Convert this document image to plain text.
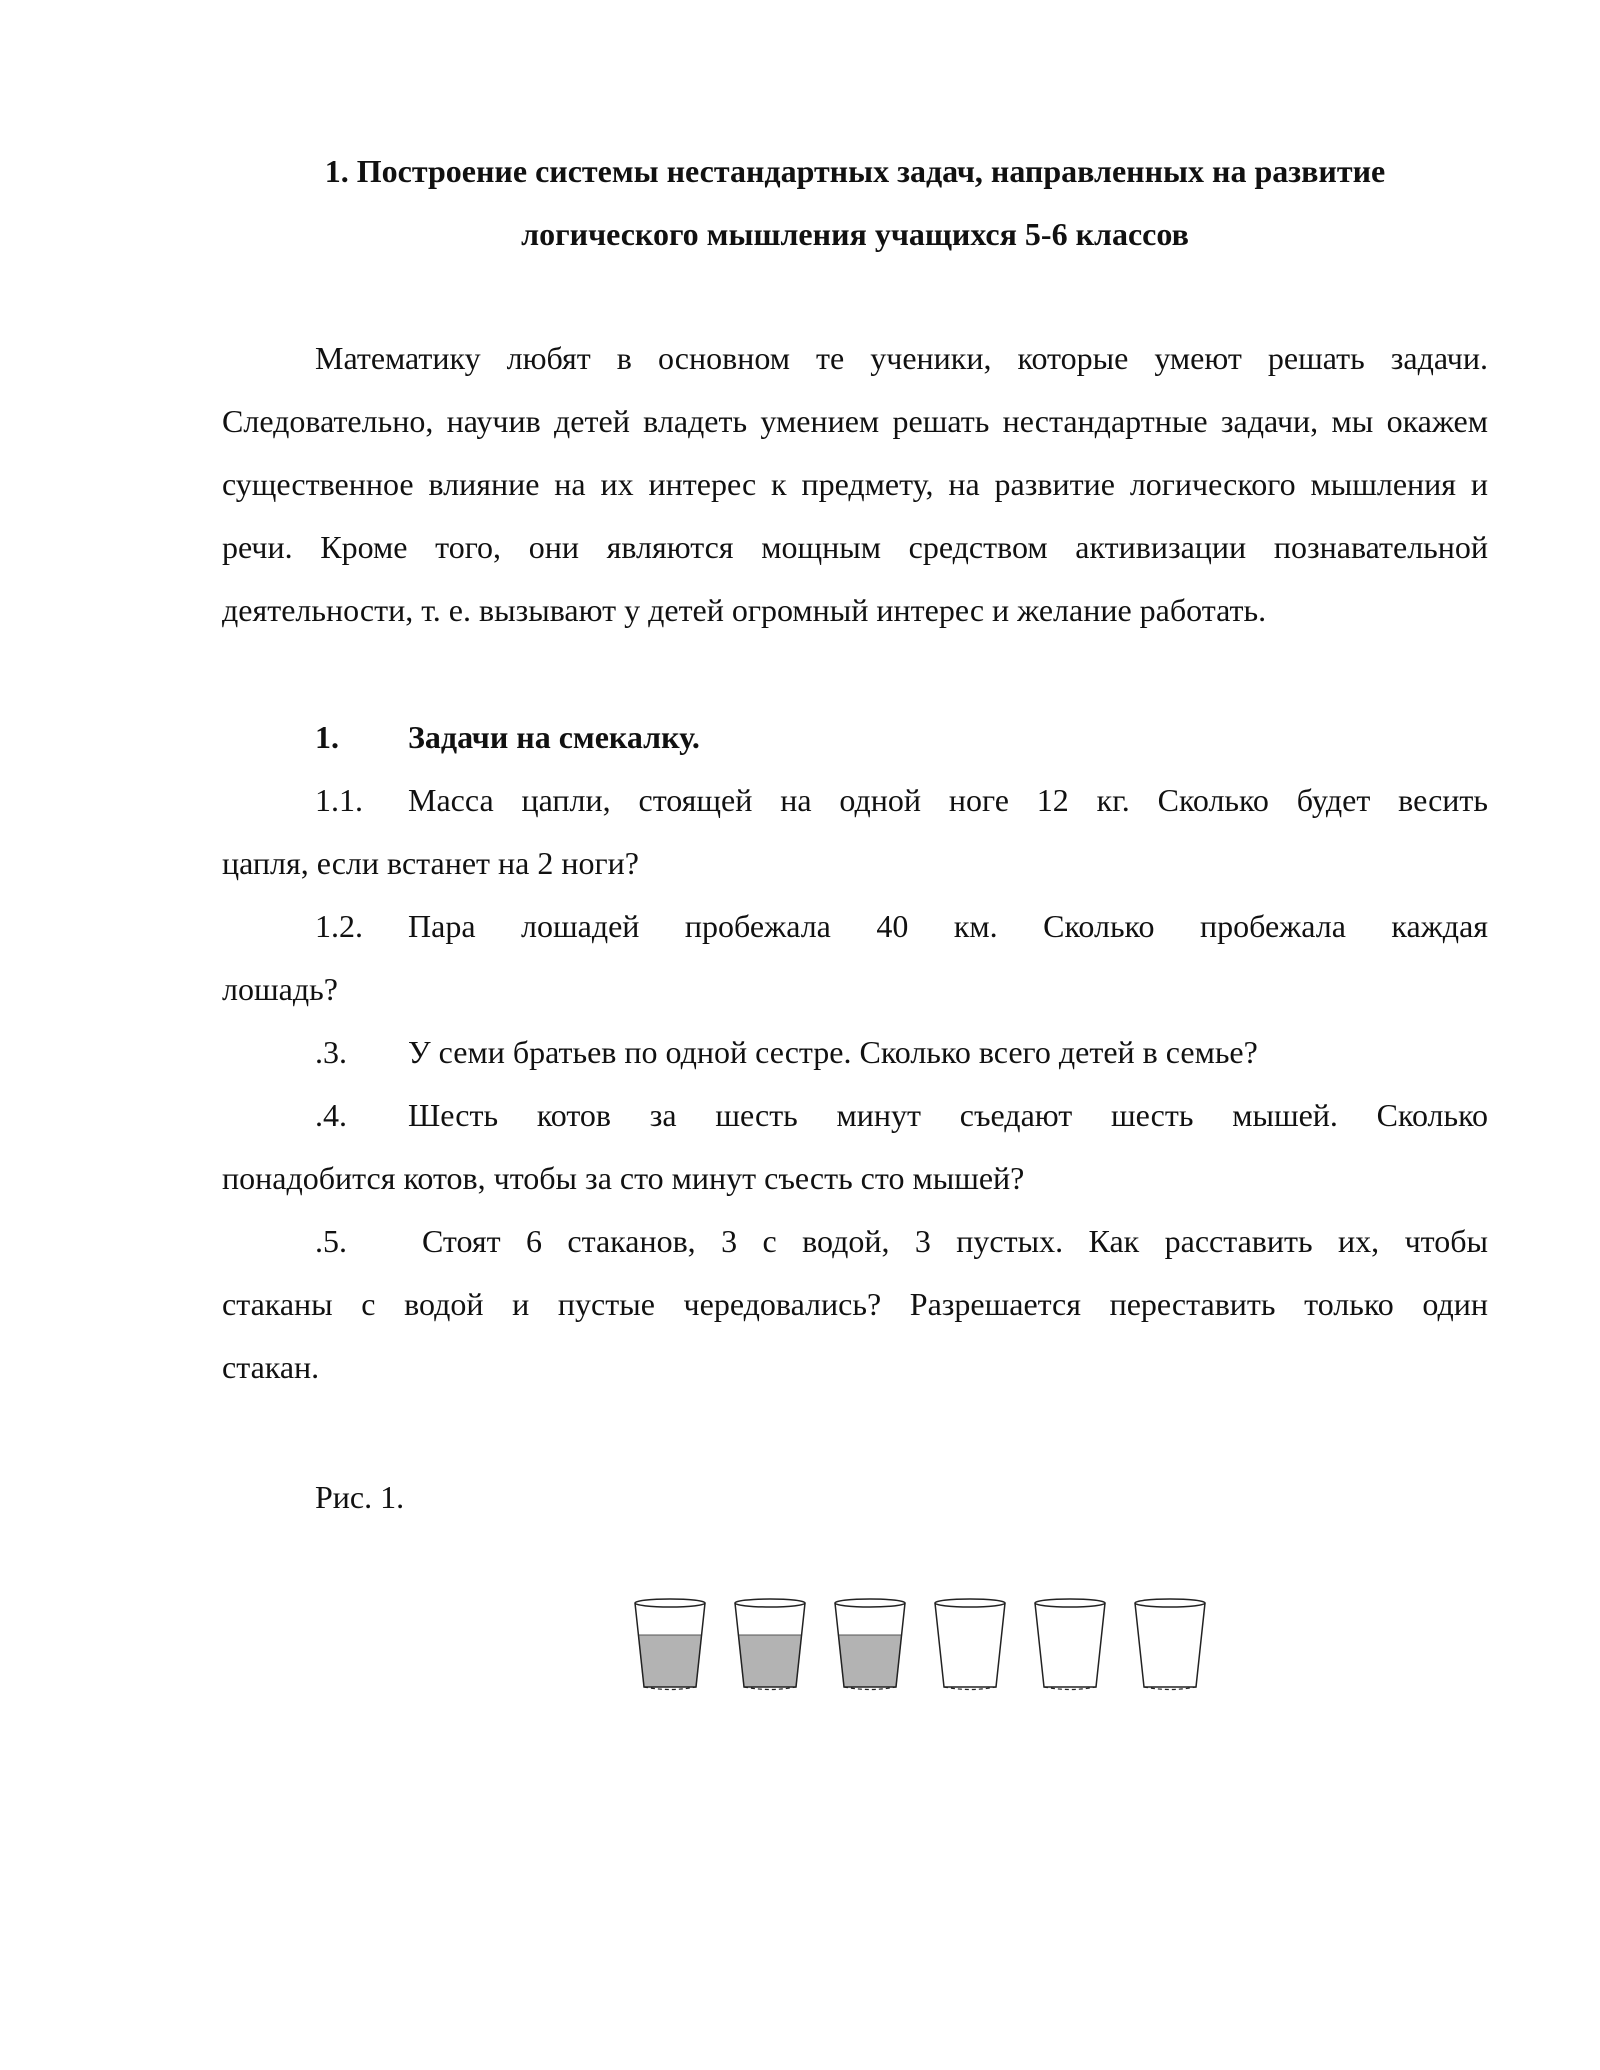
1. Построение системы нестандартных задач, направленных на развитие
логического мышления учащихся 5-6 классов
Математику любят в основном те ученики, которые умеют решать задачи. Следовательно, научив детей владеть умением решать нестандартные задачи, мы окажем существенное влияние на их интерес к предмету, на развитие логического мышления и речи. Кроме того, они являются мощным средством активизации познавательной деятельности, т. е. вызывают у детей огромный интерес и желание работать.
1. Задачи на смекалку.
1.1. Масса цапли, стоящей на одной ноге 12 кг. Сколько будет весить
цапля, если встанет на 2 ноги?
1.2. Пара лошадей пробежала 40 км. Сколько пробежала каждая
лошадь?
.3. У семи братьев по одной сестре. Сколько всего детей в семье?
.4. Шесть котов за шесть минут съедают шесть мышей. Сколько
понадобится котов, чтобы за сто минут съесть сто мышей?
.5. Стоят 6 стаканов, 3 с водой, 3 пустых. Как расставить их, чтобы
стаканы с водой и пустые чередовались? Разрешается переставить только один
стакан.
Рис. 1.
